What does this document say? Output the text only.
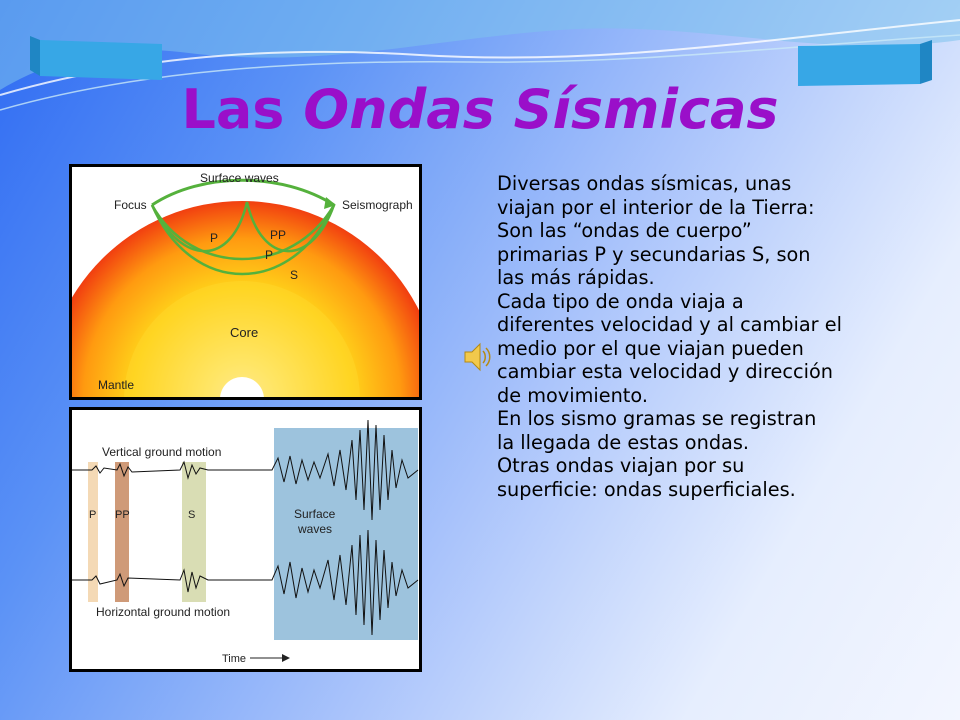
Las Ondas Sísmicas
Surface waves
Focus	Seismograph
P	PP
P
S
Core
Mantle
Vertical ground motion
Horizontal ground motion
P PP	S	Surface
waves
Time
Diversas ondas sísmicas, unas
viajan por el interior de la Tierra:
Son las “ondas de cuerpo”
primarias P y secundarias S, son
las más rápidas.
Cada tipo de onda viaja a
diferentes velocidad y al cambiar el
medio por el que viajan pueden
cambiar esta velocidad y dirección
de movimiento.
En los sismo gramas se registran
la llegada de estas ondas.
Otras ondas viajan por su
superficie: ondas superficiales.
